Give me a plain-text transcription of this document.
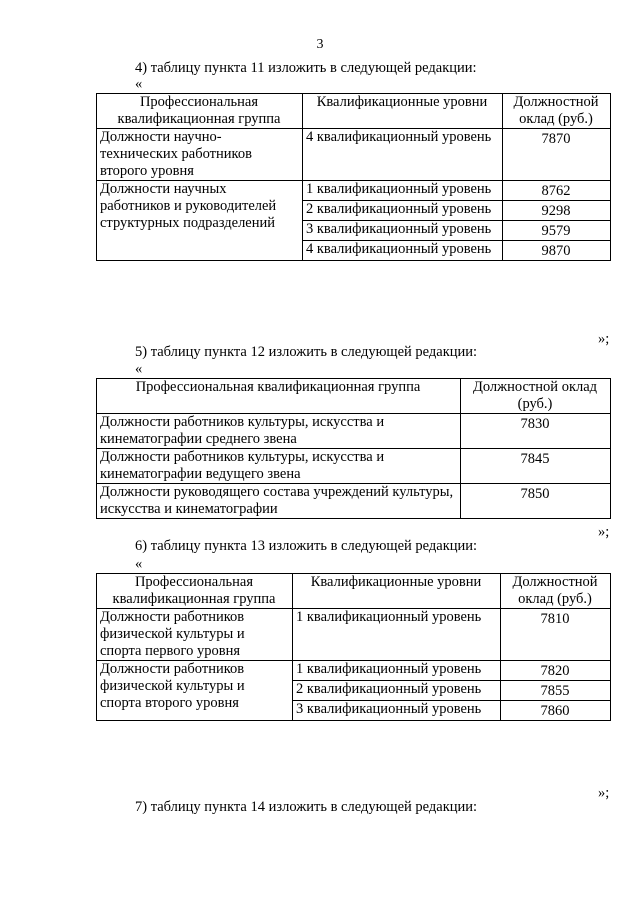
3
4) таблицу пункта 11 изложить в следующей редакции:
«
Профессиональная квалификационная группа	Квалификационные уровни	Должностной оклад (руб.)
Должности научно-технических работников второго уровня	4 квалификационный уровень	7870
Должности научных работников и руководителей структурных подразделений	1 квалификационный уровень	8762
	2 квалификационный уровень	9298
	3 квалификационный уровень	9579
	4 квалификационный уровень	9870
»;
5) таблицу пункта 12 изложить в следующей редакции:
«
Профессиональная квалификационная группа	Должностной оклад (руб.)
Должности работников культуры, искусства и кинематографии среднего звена	7830
Должности работников культуры, искусства и кинематографии ведущего звена	7845
Должности руководящего состава учреждений культуры, искусства и кинематографии	7850
»;
6) таблицу пункта 13 изложить в следующей редакции:
«
Профессиональная квалификационная группа	Квалификационные уровни	Должностной оклад (руб.)
Должности работников физической культуры и спорта первого уровня	1 квалификационный уровень	7810
Должности работников физической культуры и спорта второго уровня	1 квалификационный уровень	7820
	2 квалификационный уровень	7855
	3 квалификационный уровень	7860
»;
7) таблицу пункта 14 изложить в следующей редакции:
